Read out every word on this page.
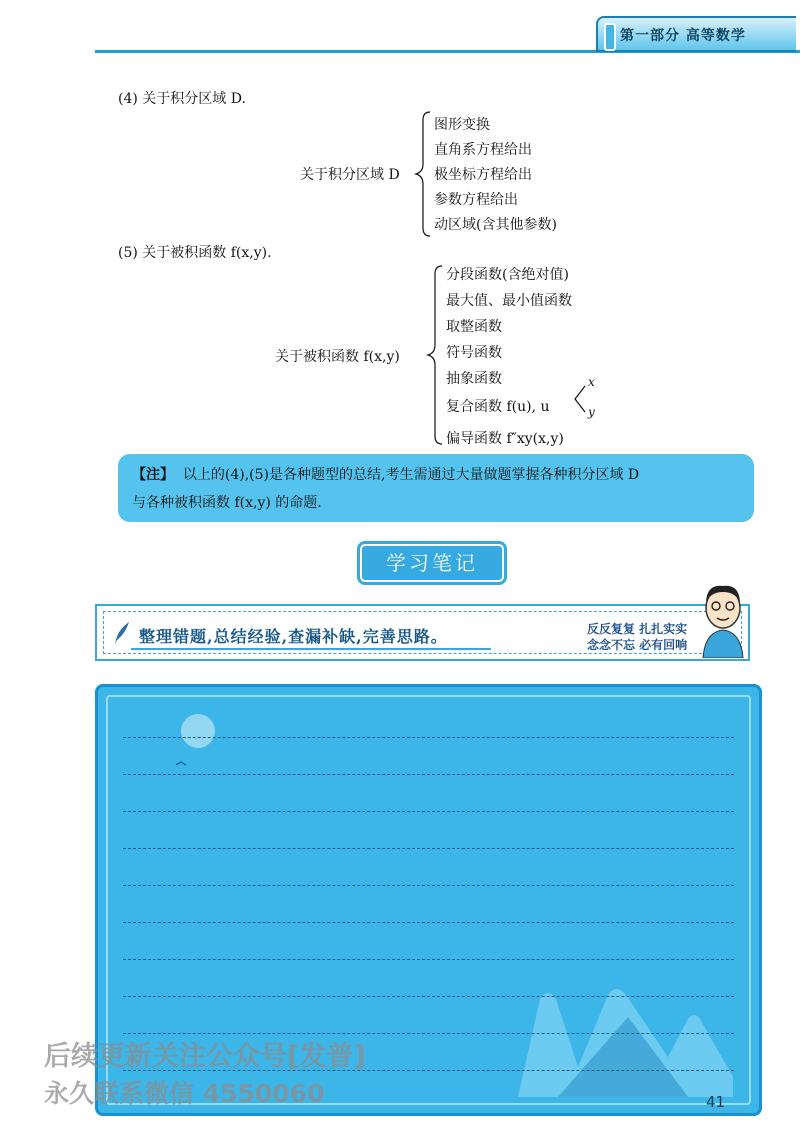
第一部分 高等数学
(4) 关于积分区域 D.
关于积分区域 D
图形变换
直角系方程给出
极坐标方程给出
参数方程给出
动区域(含其他参数)
(5) 关于被积函数 f(x,y).
关于被积函数 f(x,y)
分段函数(含绝对值)
最大值、最小值函数
取整函数
符号函数
抽象函数
复合函数 f(u), u
x
y
偏导函数 f″xy(x,y)

【注】 以上的(4),(5)是各种题型的总结,考生需通过大量做题掌握各种积分区域 D

与各种被积函数 f(x,y) 的命题.

学习笔记
整理错题,总结经验,查漏补缺,完善思路。	反反复复 扎扎实实
念念不忘 必有回响
41
后续更新关注公众号[发普]
永久联系微信 4550060
